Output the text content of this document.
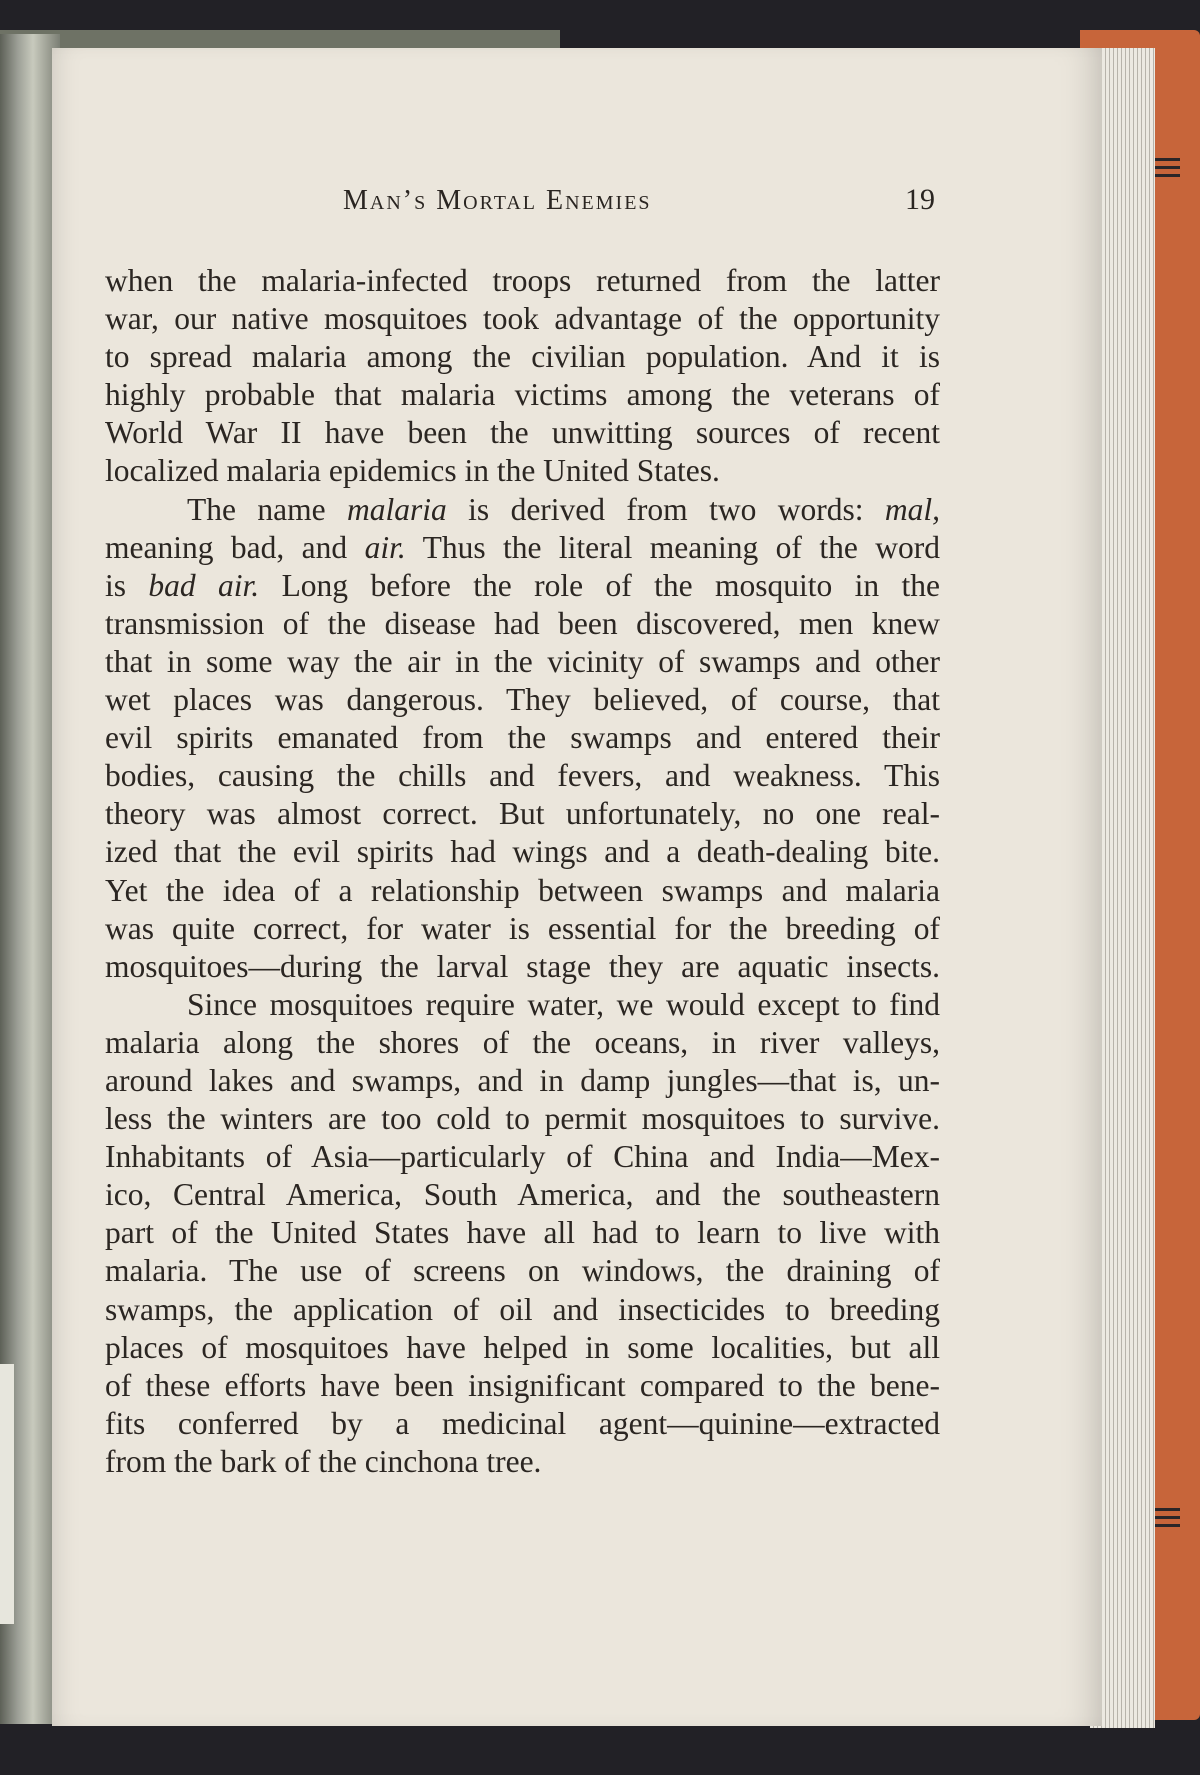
Man’s Mortal Enemies	19
when the malaria-infected troops returned from the latter
war, our native mosquitoes took advantage of the opportunity
to spread malaria among the civilian population. And it is
highly probable that malaria victims among the veterans of
World War II have been the unwitting sources of recent
localized malaria epidemics in the United States.
The name malaria is derived from two words: mal,
meaning bad, and air. Thus the literal meaning of the word
is bad air. Long before the role of the mosquito in the
transmission of the disease had been discovered, men knew
that in some way the air in the vicinity of swamps and other
wet places was dangerous. They believed, of course, that
evil spirits emanated from the swamps and entered their
bodies, causing the chills and fevers, and weakness. This
theory was almost correct. But unfortunately, no one real-
ized that the evil spirits had wings and a death-dealing bite.
Yet the idea of a relationship between swamps and malaria
was quite correct, for water is essential for the breeding of
mosquitoes—during the larval stage they are aquatic insects.
Since mosquitoes require water, we would except to find
malaria along the shores of the oceans, in river valleys,
around lakes and swamps, and in damp jungles—that is, un-
less the winters are too cold to permit mosquitoes to survive.
Inhabitants of Asia—particularly of China and India—Mex-
ico, Central America, South America, and the southeastern
part of the United States have all had to learn to live with
malaria. The use of screens on windows, the draining of
swamps, the application of oil and insecticides to breeding
places of mosquitoes have helped in some localities, but all
of these efforts have been insignificant compared to the bene-
fits conferred by a medicinal agent—quinine—extracted
from the bark of the cinchona tree.
